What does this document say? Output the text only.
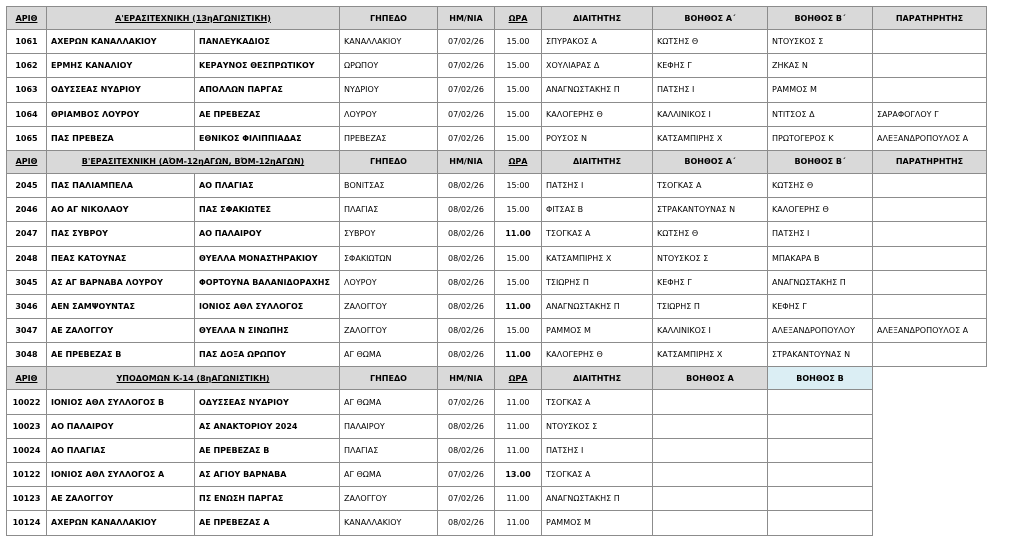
ΑΡΙΘ	Α'ΕΡΑΣΙΤΕΧΝΙΚΗ (13ηΑΓΩΝΙΣΤΙΚΗ)		ΓΗΠΕΔΟ	ΗΜ/ΝΙΑ	ΩΡΑ	ΔΙΑΙΤΗΤΗΣ	ΒΟΗΘΟΣ Α΄	ΒΟΗΘΟΣ Β΄	ΠΑΡΑΤΗΡΗΤΗΣ
1061	ΑΧΕΡΩΝ ΚΑΝΑΛΛΑΚΙΟΥ	ΠΑΝΛΕΥΚΑΔΙΟΣ	ΚΑΝΑΛΛΑΚΙΟΥ	07/02/26	15.00	ΣΠΥΡΑΚΟΣ Α	ΚΩΤΣΗΣ Θ	ΝΤΟΥΣΚΟΣ Σ	
1062	ΕΡΜΗΣ ΚΑΝΑΛΙΟΥ	ΚΕΡΑΥΝΟΣ ΘΕΣΠΡΩΤΙΚΟΥ	ΩΡΩΠΟΥ	07/02/26	15.00	ΧΟΥΛΙΑΡΑΣ Δ	ΚΕΦΗΣ Γ	ΖΗΚΑΣ Ν	
1063	ΟΔΥΣΣΕΑΣ ΝΥΔΡΙΟΥ	ΑΠΟΛΛΩΝ ΠΑΡΓΑΣ	ΝΥΔΡΙΟΥ	07/02/26	15.00	ΑΝΑΓΝΩΣΤΑΚΗΣ Π	ΠΑΤΣΗΣ Ι	ΡΑΜΜΟΣ Μ	
1064	ΘΡΙΑΜΒΟΣ ΛΟΥΡΟΥ	ΑΕ ΠΡΕΒΕΖΑΣ	ΛΟΥΡΟΥ	07/02/26	15.00	ΚΑΛΟΓΕΡΗΣ Θ	ΚΑΛΛΙΝΙΚΟΣ Ι	ΝΤΙΤΣΟΣ Δ	ΣΑΡΑΦΟΓΛΟΥ Γ
1065	ΠΑΣ ΠΡΕΒΕΖΑ	ΕΘΝΙΚΟΣ ΦΙΛΙΠΠΙΑΔΑΣ	ΠΡΕΒΕΖΑΣ	07/02/26	15.00	ΡΟΥΣΟΣ Ν	ΚΑΤΣΑΜΠΙΡΗΣ Χ	ΠΡΩΤΟΓΕΡΟΣ Κ	ΑΛΕΞΑΝΔΡΟΠΟΥΛΟΣ Α
ΑΡΙΘ	Β'ΕΡΑΣΙΤΕΧΝΙΚΗ (ΑΌΜ-12ηΑΓΩΝ, ΒΌΜ-12ηΑΓΩΝ)		ΓΗΠΕΔΟ	ΗΜ/ΝΙΑ	ΩΡΑ	ΔΙΑΙΤΗΤΗΣ	ΒΟΗΘΟΣ Α΄	ΒΟΗΘΟΣ Β΄	ΠΑΡΑΤΗΡΗΤΗΣ
2045	ΠΑΣ ΠΑΛΙΑΜΠΕΛΑ	ΑΟ ΠΛΑΓΙΑΣ	ΒΟΝΙΤΣΑΣ	08/02/26	15:00	ΠΑΤΣΗΣ Ι	ΤΣΟΓΚΑΣ Α	ΚΩΤΣΗΣ Θ	
2046	ΑΟ ΑΓ ΝΙΚΟΛΑΟΥ	ΠΑΣ ΣΦΑΚΙΩΤΕΣ	ΠΛΑΓΙΑΣ	08/02/26	15.00	ΦΙΤΣΑΣ Β	ΣΤΡΑΚΑΝΤΟΥΝΑΣ Ν	ΚΑΛΟΓΕΡΗΣ Θ	
2047	ΠΑΣ ΣΥΒΡΟΥ	ΑΟ ΠΑΛΑΙΡΟΥ	ΣΥΒΡΟΥ	08/02/26	11.00	ΤΣΟΓΚΑΣ Α	ΚΩΤΣΗΣ Θ	ΠΑΤΣΗΣ Ι	
2048	ΠΕΑΣ ΚΑΤΟΥΝΑΣ	ΘΥΕΛΛΑ ΜΟΝΑΣΤΗΡΑΚΙΟΥ	ΣΦΑΚΙΩΤΩΝ	08/02/26	15.00	ΚΑΤΣΑΜΠΙΡΗΣ Χ	ΝΤΟΥΣΚΟΣ Σ	ΜΠΑΚΑΡΑ Β	
3045	ΑΣ ΑΓ ΒΑΡΝΑΒΑ ΛΟΥΡΟΥ	ΦΟΡΤΟΥΝΑ ΒΑΛΑΝΙΔΟΡΑΧΗΣ	ΛΟΥΡΟΥ	08/02/26	15.00	ΤΣΙΩΡΗΣ Π	ΚΕΦΗΣ Γ	ΑΝΑΓΝΩΣΤΑΚΗΣ Π	
3046	ΑΕΝ ΣΑΜΨΟΥΝΤΑΣ	ΙΟΝΙΟΣ ΑΘΛ ΣΥΛΛΟΓΟΣ	ΖΑΛΟΓΓΟΥ	08/02/26	11.00	ΑΝΑΓΝΩΣΤΑΚΗΣ Π	ΤΣΙΩΡΗΣ Π	ΚΕΦΗΣ Γ	
3047	ΑΕ ΖΑΛΟΓΓΟΥ	ΘΥΕΛΛΑ Ν ΣΙΝΩΠΗΣ	ΖΑΛΟΓΓΟΥ	08/02/26	15.00	ΡΑΜΜΟΣ Μ	ΚΑΛΛΙΝΙΚΟΣ Ι	ΑΛΕΞΑΝΔΡΟΠΟΥΛΟΥ	ΑΛΕΞΑΝΔΡΟΠΟΥΛΟΣ Α
3048	ΑΕ ΠΡΕΒΕΖΑΣ Β	ΠΑΣ ΔΟΞΑ ΩΡΩΠΟΥ	ΑΓ ΘΩΜΑ	08/02/26	11.00	ΚΑΛΟΓΕΡΗΣ Θ	ΚΑΤΣΑΜΠΙΡΗΣ Χ	ΣΤΡΑΚΑΝΤΟΥΝΑΣ Ν	
ΑΡΙΘ	ΥΠΟΔΟΜΩΝ Κ-14 (8ηΑΓΩΝΙΣΤΙΚΗ)		ΓΗΠΕΔΟ	ΗΜ/ΝΙΑ	ΩΡΑ	ΔΙΑΙΤΗΤΗΣ	ΒΟΗΘΟΣ Α	ΒΟΗΘΟΣ Β	
10022	ΙΟΝΙΟΣ ΑΘΛ ΣΥΛΛΟΓΟΣ Β	ΟΔΥΣΣΕΑΣ ΝΥΔΡΙΟΥ	ΑΓ ΘΩΜΑ	07/02/26	11.00	ΤΣΟΓΚΑΣ Α			
10023	ΑΟ ΠΑΛΑΙΡΟΥ	ΑΣ ΑΝΑΚΤΟΡΙΟΥ 2024	ΠΑΛΑΙΡΟΥ	08/02/26	11.00	ΝΤΟΥΣΚΟΣ Σ			
10024	ΑΟ ΠΛΑΓΙΑΣ	ΑΕ ΠΡΕΒΕΖΑΣ Β	ΠΛΑΓΙΑΣ	08/02/26	11.00	ΠΑΤΣΗΣ Ι			
10122	ΙΟΝΙΟΣ ΑΘΛ ΣΥΛΛΟΓΟΣ Α	ΑΣ ΑΓΙΟΥ ΒΑΡΝΑΒΑ	ΑΓ ΘΩΜΑ	07/02/26	13.00	ΤΣΟΓΚΑΣ Α			
10123	ΑΕ ΖΑΛΟΓΓΟΥ	ΠΣ ΕΝΩΣΗ ΠΑΡΓΑΣ	ΖΑΛΟΓΓΟΥ	07/02/26	11.00	ΑΝΑΓΝΩΣΤΑΚΗΣ Π			
10124	ΑΧΕΡΩΝ ΚΑΝΑΛΛΑΚΙΟΥ	ΑΕ ΠΡΕΒΕΖΑΣ Α	ΚΑΝΑΛΛΑΚΙΟΥ	08/02/26	11.00	ΡΑΜΜΟΣ Μ			
